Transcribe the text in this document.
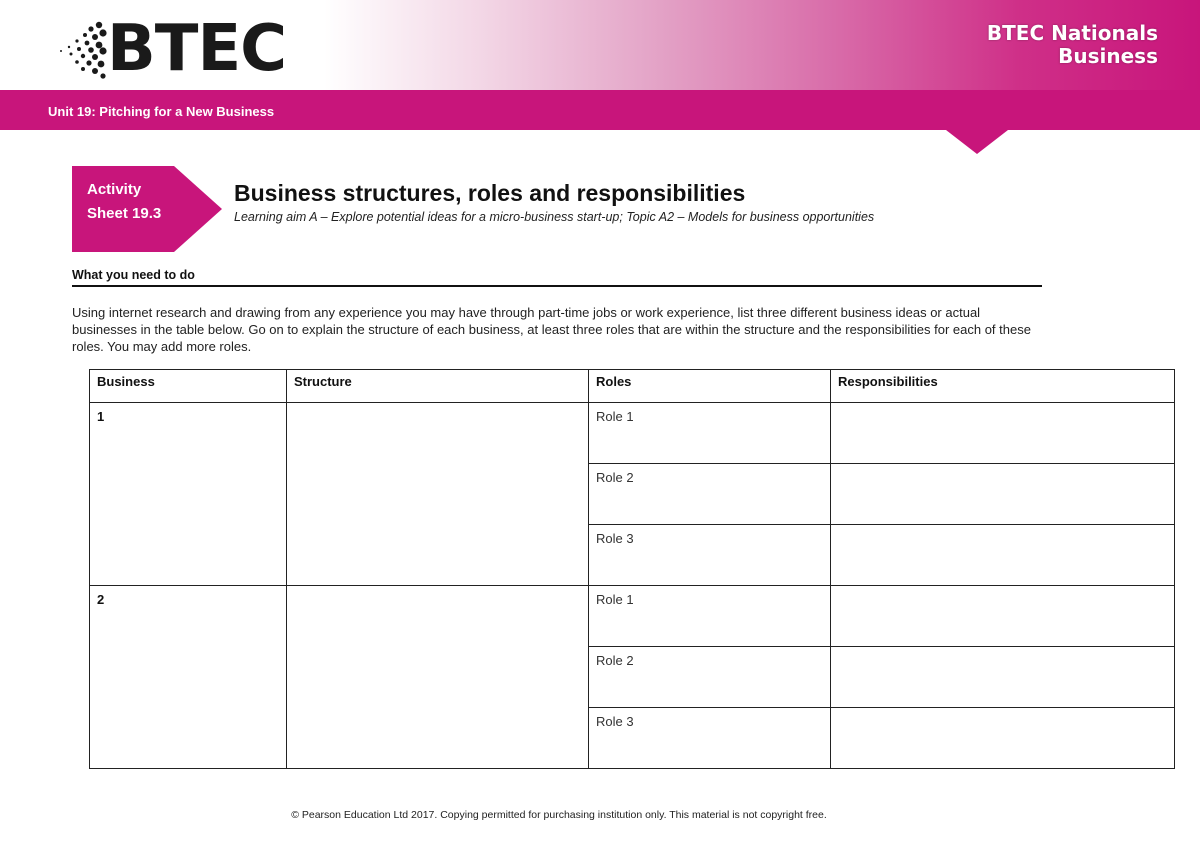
BTEC	BTEC Nationals
Business
Unit 19: Pitching for a New Business
Activity
Sheet 19.3
Business structures, roles and responsibilities
Learning aim A – Explore potential ideas for a micro-business start-up; Topic A2 – Models for business opportunities
What you need to do
Using internet research and drawing from any experience you may have through part-time jobs or work experience, list three different business ideas or actual businesses in the table below. Go on to explain the structure of each business, at least three roles that are within the structure and the responsibilities for each of these roles. You may add more roles.
Business	Structure	Roles	Responsibilities
1		Role 1	
		Role 2	
		Role 3	
2		Role 1	
		Role 2	
		Role 3	
© Pearson Education Ltd 2017. Copying permitted for purchasing institution only. This material is not copyright free.
